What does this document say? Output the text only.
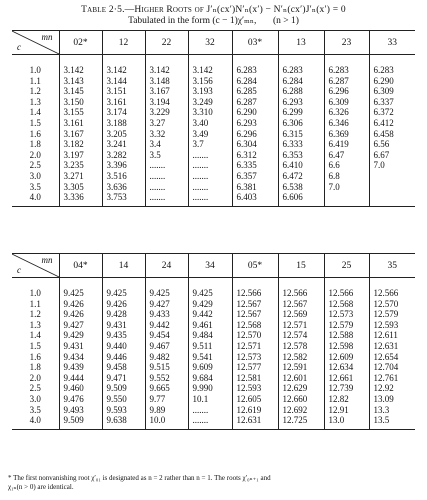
Table 2·5.—Higher Roots of J′ₙ(cx′)N′ₙ(x′) − N′ₙ(cx′)J′ₙ(x′) = 0
Tabulated in the form (c − 1)χ′ₘₙ, (n > 1)
mn
c	02*	12	22	32	03*	13	23	33
1.0	3.142	3.142	3.142	3.142	6.283	6.283	6.283	6.283
1.1	3.143	3.144	3.148	3.156	6.284	6.284	6.287	6.290
1.2	3.145	3.151	3.167	3.193	6.285	6.288	6.296	6.309
1.3	3.150	3.161	3.194	3.249	6.287	6.293	6.309	6.337
1.4	3.155	3.174	3.229	3.310	6.290	6.299	6.326	6.372
1.5	3.161	3.188	3.27	3.40	6.293	6.306	6.346	6.412
1.6	3.167	3.205	3.32	3.49	6.296	6.315	6.369	6.458
1.8	3.182	3.241	3.4	3.7	6.304	6.333	6.419	6.56
2.0	3.197	3.282	3.5	.......	6.312	6.353	6.47	6.67
2.5	3.235	3.396	.......	.......	6.335	6.410	6.6	7.0
3.0	3.271	3.516	.......	.......	6.357	6.472	6.8	
3.5	3.305	3.636	.......	.......	6.381	6.538	7.0	
4.0	3.336	3.753	.......	.......	6.403	6.606		
mn
c	04*	14	24	34	05*	15	25	35
1.0	9.425	9.425	9.425	9.425	12.566	12.566	12.566	12.566
1.1	9.426	9.426	9.427	9.429	12.567	12.567	12.568	12.570
1.2	9.426	9.428	9.433	9.442	12.567	12.569	12.573	12.579
1.3	9.427	9.431	9.442	9.461	12.568	12.571	12.579	12.593
1.4	9.429	9.435	9.454	9.484	12.570	12.574	12.588	12.611
1.5	9.431	9.440	9.467	9.511	12.571	12.578	12.598	12.631
1.6	9.434	9.446	9.482	9.541	12.573	12.582	12.609	12.654
1.8	9.439	9.458	9.515	9.609	12.577	12.591	12.634	12.704
2.0	9.444	9.471	9.552	9.684	12.581	12.601	12.661	12.761
2.5	9.460	9.509	9.665	9.990	12.593	12.629	12.739	12.92
3.0	9.476	9.550	9.77	10.1	12.605	12.660	12.82	13.09
3.5	9.493	9.593	9.89	.......	12.619	12.692	12.91	13.3
4.0	9.509	9.638	10.0	.......	12.631	12.725	13.0	13.5
* The first nonvanishing root χ′₀₁ is designated as n = 2 rather than n = 1. The roots χ′₀ₙ₊₁ and
χ₁ₙ(n > 0) are identical.
